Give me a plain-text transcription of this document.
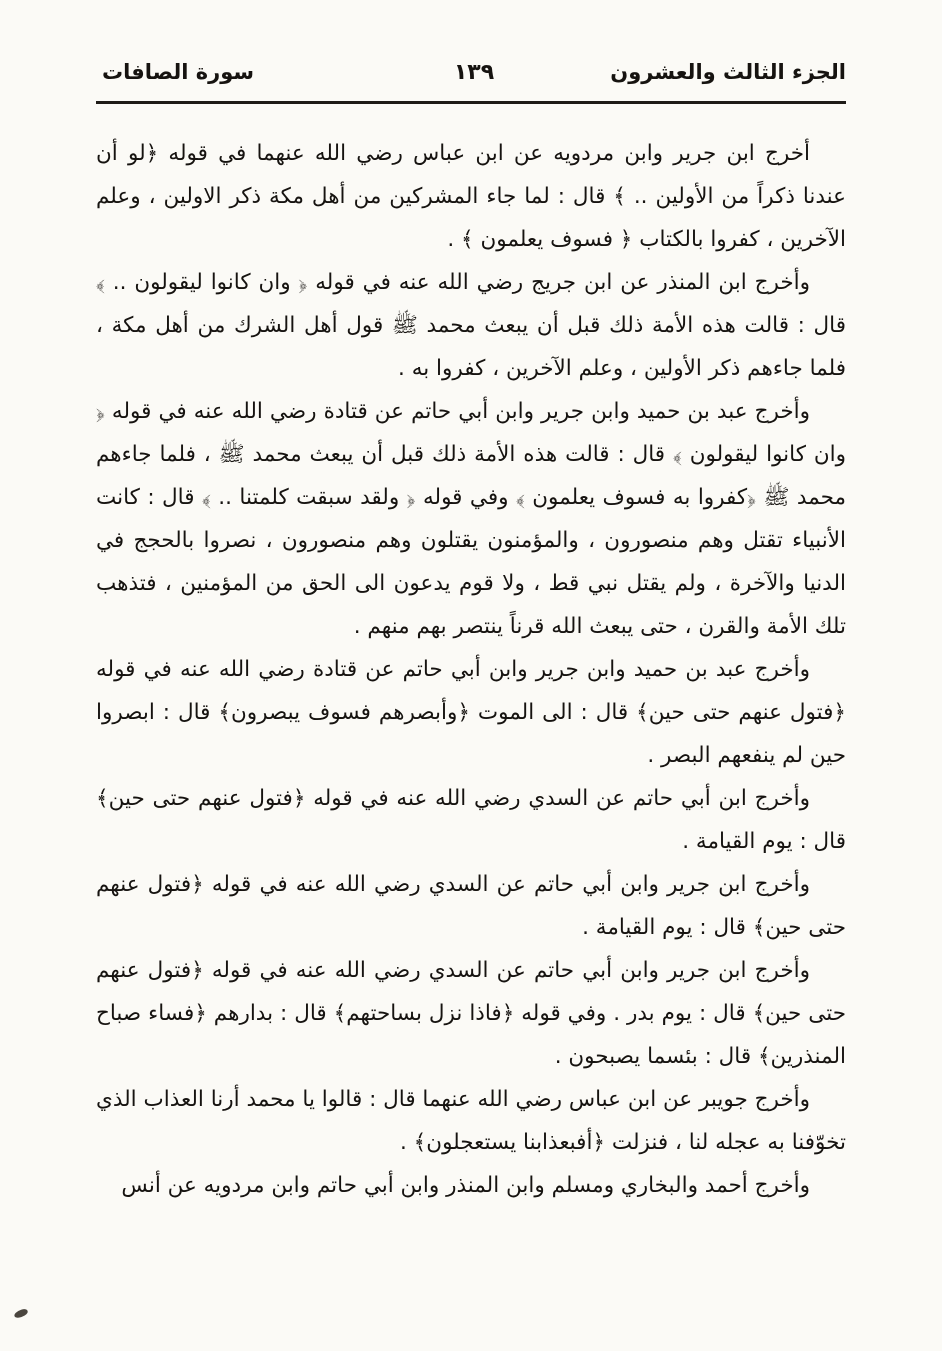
الجزء الثالث والعشرون
١٣٩
سورة الصافات

أخرج ابن جرير وابن مردويه عن ابن عباس رضي الله عنهما في قوله ﴿لو أن عندنا ذكراً من الأولين .. ﴾ قال : لما جاء المشركين من أهل مكة ذكر الاولين ، وعلم الآخرين ، كفروا بالكتاب ﴿ فسوف يعلمون ﴾ .

وأخرج ابن المنذر عن ابن جريج رضي الله عنه في قوله ﴿ وان كانوا ليقولون .. ﴾ قال : قالت هذه الأمة ذلك قبل أن يبعث محمد ﷺ قول أهل الشرك من أهل مكة ، فلما جاءهم ذكر الأولين ، وعلم الآخرين ، كفروا به .

وأخرج عبد بن حميد وابن جرير وابن أبي حاتم عن قتادة رضي الله عنه في قوله ﴿ وان كانوا ليقولون ﴾ قال : قالت هذه الأمة ذلك قبل أن يبعث محمد ﷺ ، فلما جاءهم محمد ﷺ ﴿كفروا به فسوف يعلمون ﴾ وفي قوله ﴿ ولقد سبقت كلمتنا .. ﴾ قال : كانت الأنبياء تقتل وهم منصورون ، والمؤمنون يقتلون وهم منصورون ، نصروا بالحجج في الدنيا والآخرة ، ولم يقتل نبي قط ، ولا قوم يدعون الى الحق من المؤمنين ، فتذهب تلك الأمة والقرن ، حتى يبعث الله قرناً ينتصر بهم منهم .

وأخرج عبد بن حميد وابن جرير وابن أبي حاتم عن قتادة رضي الله عنه في قوله ﴿فتول عنهم حتى حين﴾ قال : الى الموت ﴿وأبصرهم فسوف يبصرون﴾ قال : ابصروا حين لم ينفعهم البصر .

وأخرج ابن أبي حاتم عن السدي رضي الله عنه في قوله ﴿فتول عنهم حتى حين﴾ قال : يوم القيامة .

وأخرج ابن جرير وابن أبي حاتم عن السدي رضي الله عنه في قوله ﴿فتول عنهم حتى حين﴾ قال : يوم القيامة .

وأخرج ابن جرير وابن أبي حاتم عن السدي رضي الله عنه في قوله ﴿فتول عنهم حتى حين﴾ قال : يوم بدر . وفي قوله ﴿فاذا نزل بساحتهم﴾ قال : بدارهم ﴿فساء صباح المنذرين﴾ قال : بئسما يصبحون .

وأخرج جويبر عن ابن عباس رضي الله عنهما قال : قالوا يا محمد أرنا العذاب الذي تخوّفنا به عجله لنا ، فنزلت ﴿أفبعذابنا يستعجلون﴾ .

وأخرج أحمد والبخاري ومسلم وابن المنذر وابن أبي حاتم وابن مردويه عن أنس
